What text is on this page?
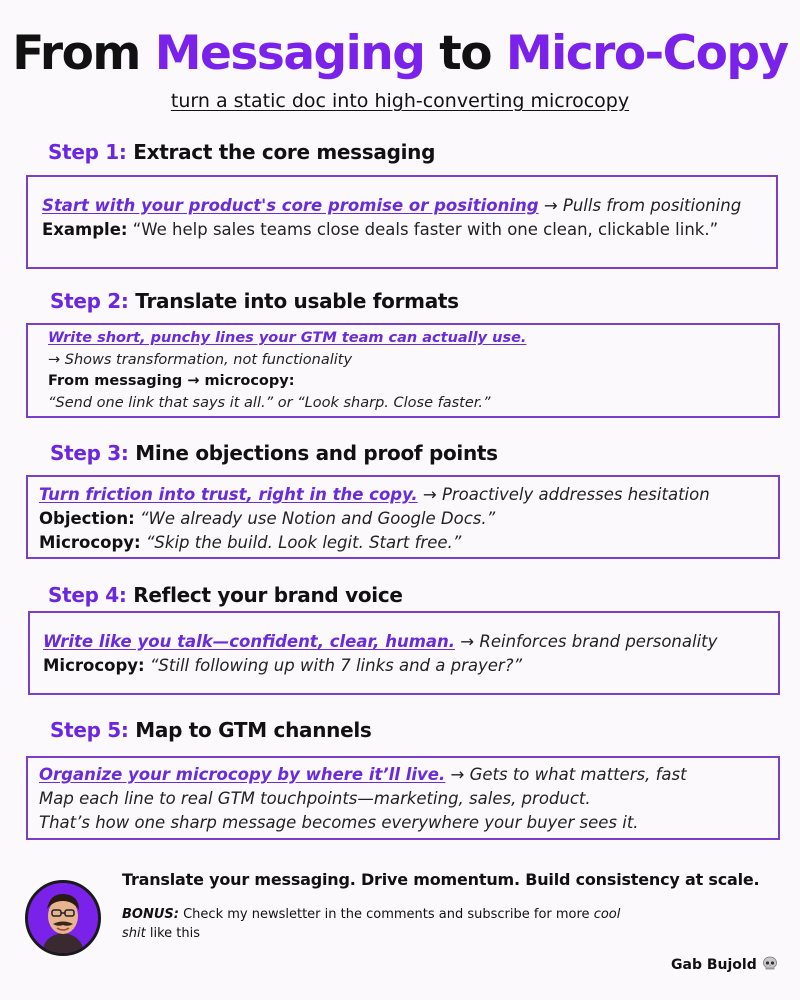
From Messaging to Micro-Copy
turn a static doc into high-converting microcopy
Step 1: Extract the core messaging
Start with your product's core promise or positioning → Pulls from positioning
Example: “We help sales teams close deals faster with one clean, clickable link.”
Step 2: Translate into usable formats
Write short, punchy lines your GTM team can actually use.
→ Shows transformation, not functionality
From messaging → microcopy:
“Send one link that says it all.” or “Look sharp. Close faster.”
Step 3: Mine objections and proof points
Turn friction into trust, right in the copy. → Proactively addresses hesitation
Objection: “We already use Notion and Google Docs.”
Microcopy: “Skip the build. Look legit. Start free.”
Step 4: Reflect your brand voice
Write like you talk—confident, clear, human. → Reinforces brand personality
Microcopy: “Still following up with 7 links and a prayer?”
Step 5: Map to GTM channels
Organize your microcopy by where it’ll live. → Gets to what matters, fast
Map each line to real GTM touchpoints—marketing, sales, product.
That’s how one sharp message becomes everywhere your buyer sees it.
Translate your messaging. Drive momentum. Build consistency at scale.
BONUS: Check my newsletter in the comments and subscribe for more cool shit like this
Gab Bujold
